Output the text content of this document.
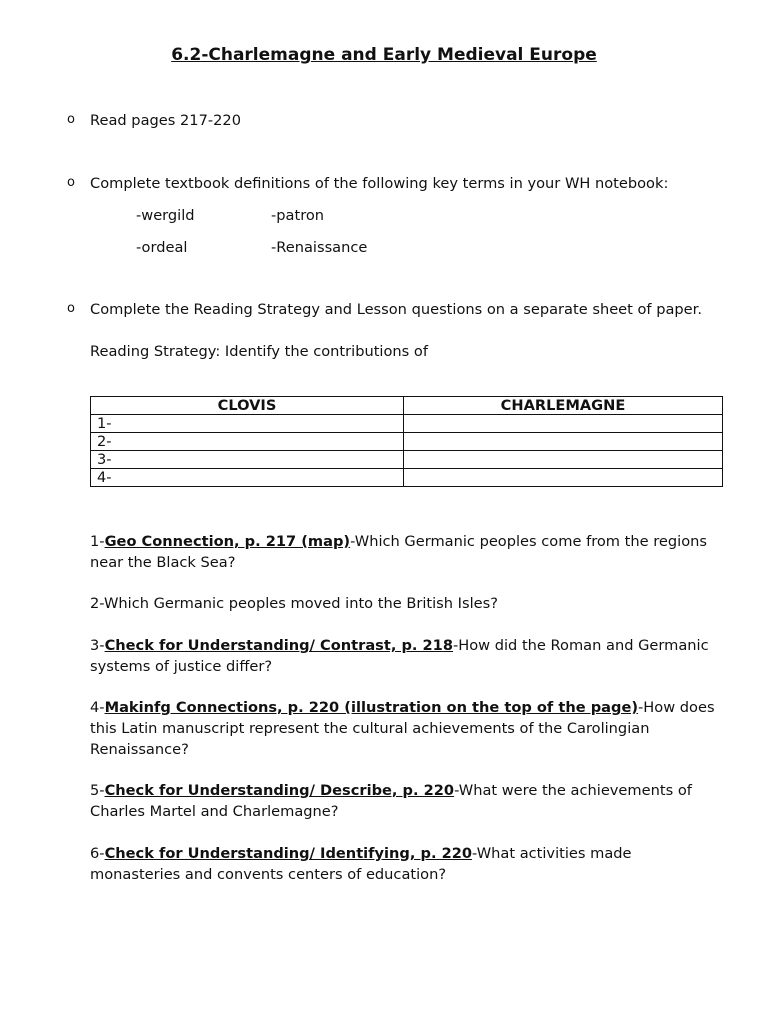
6.2-Charlemagne and Early Medieval Europe
o Read pages 217-220
o Complete textbook definitions of the following key terms in your WH notebook:
-wergild	-patron
-ordeal	-Renaissance
o Complete the Reading Strategy and Lesson questions on a separate sheet of paper.
Reading Strategy: Identify the contributions of
CLOVIS	CHARLEMAGNE
1-	
2-	
3-	
4-	
1-Geo Connection, p. 217 (map)-Which Germanic peoples come from the regions near the Black Sea?
2-Which Germanic peoples moved into the British Isles?
3-Check for Understanding/ Contrast, p. 218-How did the Roman and Germanic systems of justice differ?
4-Makinfg Connections, p. 220 (illustration on the top of the page)-How does this Latin manuscript represent the cultural achievements of the Carolingian Renaissance?
5-Check for Understanding/ Describe, p. 220-What were the achievements of Charles Martel and Charlemagne?
6-Check for Understanding/ Identifying, p. 220-What activities made monasteries and convents centers of education?
